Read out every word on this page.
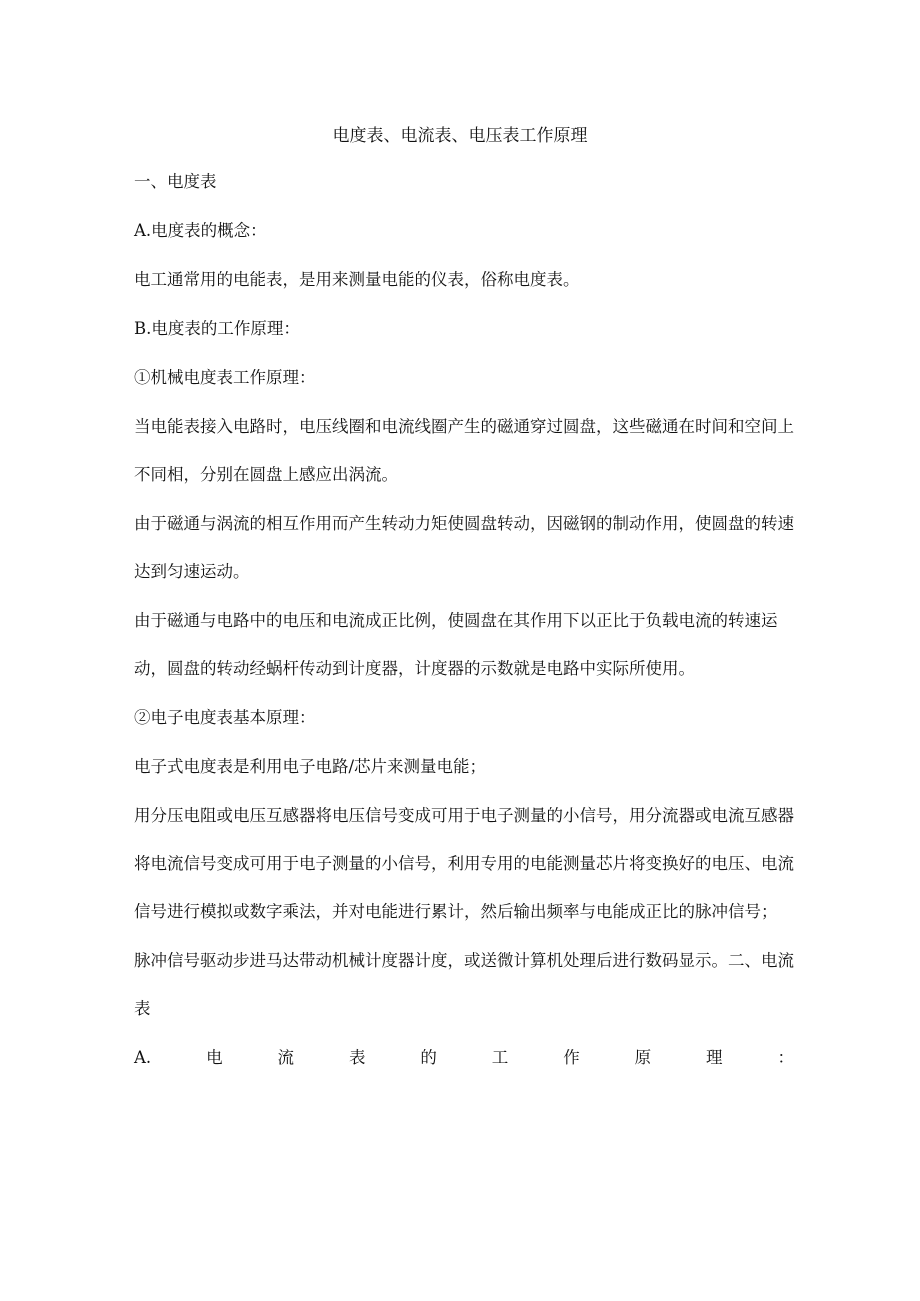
电度表、电流表、电压表工作原理

一、电度表

A.电度表的概念：

电工通常用的电能表，是用来测量电能的仪表，俗称电度表。

B.电度表的工作原理：

①机械电度表工作原理：

当电能表接入电路时，电压线圈和电流线圈产生的磁通穿过圆盘，这些磁通在时间和空间上不同相，分别在圆盘上感应出涡流。

由于磁通与涡流的相互作用而产生转动力矩使圆盘转动，因磁钢的制动作用，使圆盘的转速达到匀速运动。

由于磁通与电路中的电压和电流成正比例，使圆盘在其作用下以正比于负载电流的转速运动，圆盘的转动经蜗杆传动到计度器，计度器的示数就是电路中实际所使用。

②电子电度表基本原理：

电子式电度表是利用电子电路/芯片来测量电能；

用分压电阻或电压互感器将电压信号变成可用于电子测量的小信号，用分流器或电流互感器将电流信号变成可用于电子测量的小信号，利用专用的电能测量芯片将变换好的电压、电流信号进行模拟或数字乘法，并对电能进行累计，然后输出频率与电能成正比的脉冲信号；

脉冲信号驱动步进马达带动机械计度器计度，或送微计算机处理后进行数码显示。二、电流表

A.	电	流	表	的	工	作	原	理	：
